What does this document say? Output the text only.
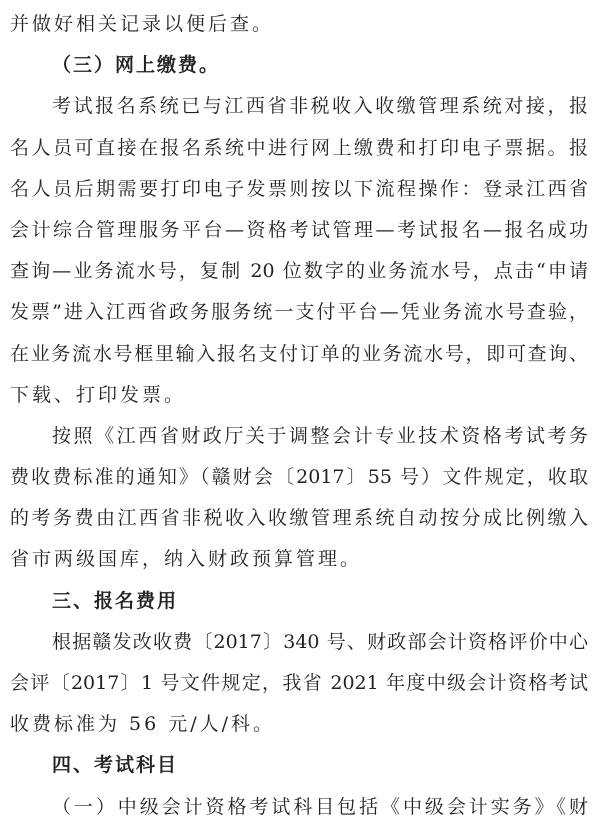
并做好相关记录以便后查。
（三）网上缴费。
考试报名系统已与江西省非税收入收缴管理系统对接，报
名人员可直接在报名系统中进行网上缴费和打印电子票据。报
名人员后期需要打印电子发票则按以下流程操作：登录江西省
会计综合管理服务平台—资格考试管理—考试报名—报名成功
查询—业务流水号，复制 20 位数字的业务流水号，点击“申请
发票”进入江西省政务服务统一支付平台—凭业务流水号查验，
在业务流水号框里输入报名支付订单的业务流水号，即可查询、
下载、打印发票。
按照《江西省财政厅关于调整会计专业技术资格考试考务
费收费标准的通知》（赣财会〔2017〕55 号）文件规定，收取
的考务费由江西省非税收入收缴管理系统自动按分成比例缴入
省市两级国库，纳入财政预算管理。
三、报名费用
根据赣发改收费〔2017〕340 号、财政部会计资格评价中心
会评〔2017〕1 号文件规定，我省 2021 年度中级会计资格考试
收费标准为 56 元/人/科。
四、考试科目
（一）中级会计资格考试科目包括《中级会计实务》《财
